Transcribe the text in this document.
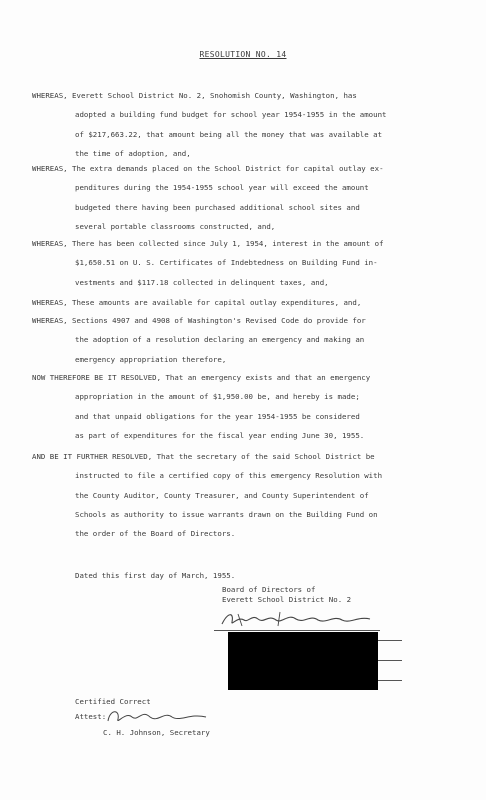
RESOLUTION NO. 14
WHEREAS, Everett School District No. 2, Snohomish County, Washington, has
adopted a building fund budget for school year 1954-1955 in the amount
of $217,663.22, that amount being all the money that was available at
the time of adoption, and,
WHEREAS, The extra demands placed on the School District for capital outlay ex-
penditures during the 1954-1955 school year will exceed the amount
budgeted there having been purchased additional school sites and
several portable classrooms constructed, and,
WHEREAS, There has been collected since July 1, 1954, interest in the amount of
$1,650.51 on U. S. Certificates of Indebtedness on Building Fund in-
vestments and $117.18 collected in delinquent taxes, and,
WHEREAS, These amounts are available for capital outlay expenditures, and,
WHEREAS, Sections 4907 and 4908 of Washington's Revised Code do provide for
the adoption of a resolution declaring an emergency and making an
emergency appropriation therefore,
NOW THEREFORE BE IT RESOLVED, That an emergency exists and that an emergency
appropriation in the amount of $1,950.00 be, and hereby is made;
and that unpaid obligations for the year 1954-1955 be considered
as part of expenditures for the fiscal year ending June 30, 1955.
AND BE IT FURTHER RESOLVED, That the secretary of the said School District be
instructed to file a certified copy of this emergency Resolution with
the County Auditor, County Treasurer, and County Superintendent of
Schools as authority to issue warrants drawn on the Building Fund on
the order of the Board of Directors.
Dated this first day of March, 1955.
Board of Directors of
Everett School District No. 2
Certified Correct
Attest:
C. H. Johnson, Secretary
